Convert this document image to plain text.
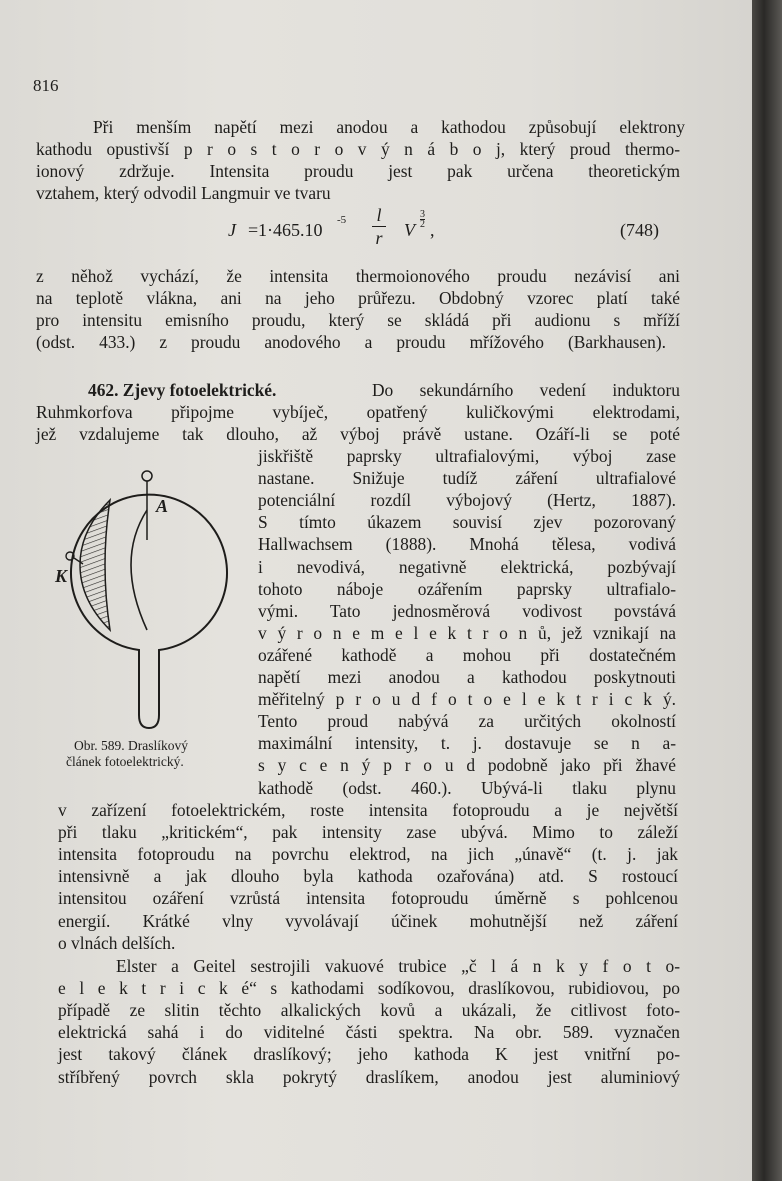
816
Při menším napětí mezi anodou a kathodou způsobují elektrony
kathodu opustivší p r o s t o r o v ý n á b o j, který proud thermo-
ionový zdržuje. Intensita proudu jest pak určena theoretickým
vztahem, který odvodil Langmuir ve tvaru
J = 1·465.10 -5 l
r V
$\frac{3}{2}$
,	(748)
z něhož vychází, že intensita thermoionového proudu nezávisí ani
na teplotě vlákna, ani na jeho průřezu. Obdobný vzorec platí také
pro intensitu emisního proudu, který se skládá při audionu s mříží
(odst. 433.) z proudu anodového a proudu mřížového (Barkhausen).
462. Zjevy fotoelektrické.	Do sekundárního vedení induktoru
Ruhmkorfova připojme vybíječ, opatřený kuličkovými elektrodami,
jež vzdalujeme tak dlouho, až výboj právě ustane. Ozáří-li se poté
jiskřiště paprsky ultrafialovými, výboj zase
nastane. Snižuje tudíž záření ultrafialové
potenciální rozdíl výbojový (Hertz, 1887).
S tímto úkazem souvisí zjev pozorovaný
Hallwachsem (1888). Mnohá tělesa, vodivá
i nevodivá, negativně elektrická, pozbývají
tohoto náboje ozářením paprsky ultrafialo-
vými. Tato jednosměrová vodivost povstává
v ý r o n e m e l e k t r o n ů, jež vznikají na
ozářené kathodě a mohou při dostatečném
napětí mezi anodou a kathodou poskytnouti
měřitelný p r o u d f o t o e l e k t r i c k ý.
Tento proud nabývá za určitých okolností
maximální intensity, t. j. dostavuje se n a-
s y c e n ý p r o u d podobně jako při žhavé
kathodě (odst. 460.). Ubývá-li tlaku plynu
A
K
Obr. 589. Draslíkový
článek fotoelektrický.
v zařízení fotoelektrickém, roste intensita fotoproudu a je největší
při tlaku „kritickém“, pak intensity zase ubývá. Mimo to záleží
intensita fotoproudu na povrchu elektrod, na jich „únavě“ (t. j. jak
intensivně a jak dlouho byla kathoda ozařována) atd. S rostoucí
intensitou ozáření vzrůstá intensita fotoproudu úměrně s pohlcenou
energií. Krátké vlny vyvolávají účinek mohutnější než záření
o vlnách delších.
Elster a Geitel sestrojili vakuové trubice „č l á n k y f o t o-
e l e k t r i c k é“ s kathodami sodíkovou, draslíkovou, rubidiovou, po
případě ze slitin těchto alkalických kovů a ukázali, že citlivost foto-
elektrická sahá i do viditelné části spektra. Na obr. 589. vyznačen
jest takový článek draslíkový; jeho kathoda K jest vnitřní po-
stříbřený povrch skla pokrytý draslíkem, anodou jest aluminiový
